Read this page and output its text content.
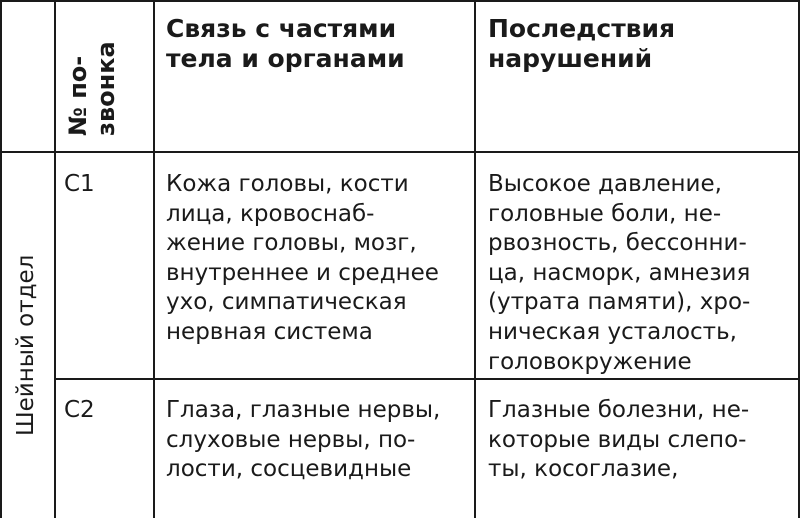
№ по- звонка
Связь с частями
телa и органами
Последствия
нарушений
Шейный отдел
С1	Кожа головы, кости
лица, кровоснаб-
жение головы, мозг,
внутреннее и среднее
ухо, симпатическая
нервная система
Высокое давление,
головные боли, не-
рвозность, бессонни-
ца, насморк, амнезия
(утрата памяти), хро-
ническая усталость,
головокружение
С2	Глаза, глазные нервы,
слуховые нервы, по-
лости, сосцевидные
Глазные болезни, не-
которые виды слепо-
ты, косоглазие,
